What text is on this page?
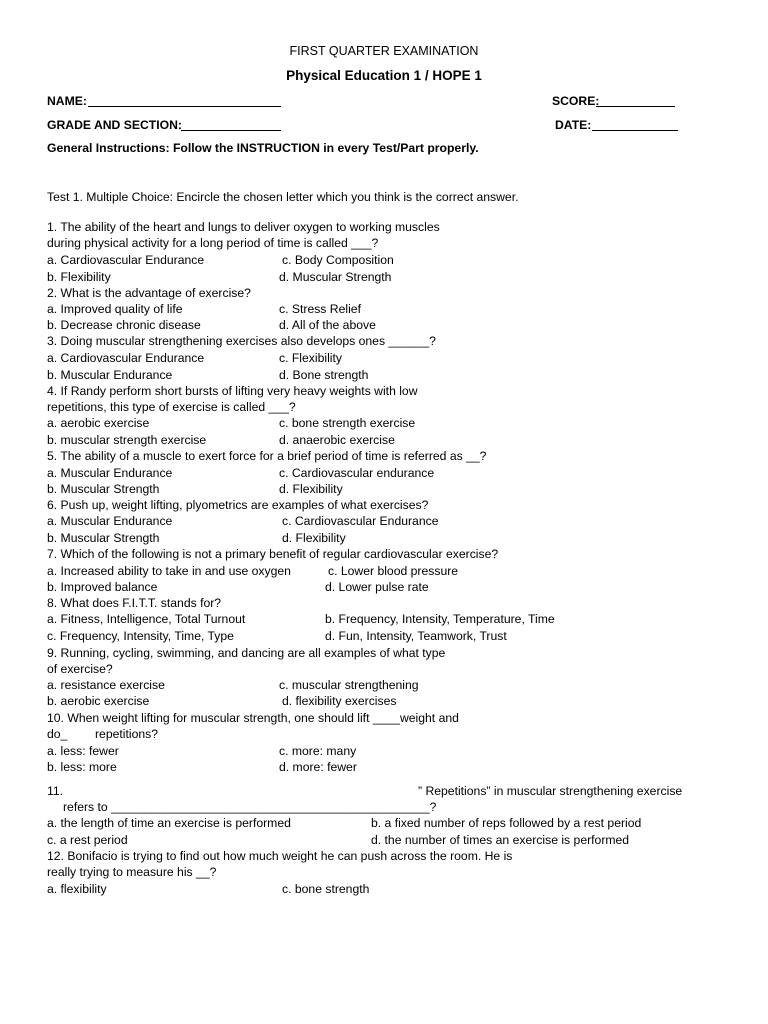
FIRST QUARTER EXAMINATION
Physical Education 1 / HOPE 1
NAME:	SCORE:
GRADE AND SECTION:	DATE:
General Instructions: Follow the INSTRUCTION in every Test/Part properly.
Test 1. Multiple Choice: Encircle the chosen letter which you think is the correct answer.
1. The ability of the heart and lungs to deliver oxygen to working muscles
during physical activity for a long period of time is called ___?
a. Cardiovascular Endurance	c. Body Composition
b. Flexibility	d. Muscular Strength
2. What is the advantage of exercise?
a. Improved quality of life	c. Stress Relief
b. Decrease chronic disease	d. All of the above
3. Doing muscular strengthening exercises also develops ones ______?
a. Cardiovascular Endurance	c. Flexibility
b. Muscular Endurance	d. Bone strength
4. If Randy perform short bursts of lifting very heavy weights with low
repetitions, this type of exercise is called ___?
a. aerobic exercise	c. bone strength exercise
b. muscular strength exercise	d. anaerobic exercise
5. The ability of a muscle to exert force for a brief period of time is referred as __?
a. Muscular Endurance	c. Cardiovascular endurance
b. Muscular Strength	d. Flexibility
6. Push up, weight lifting, plyometrics are examples of what exercises?
a. Muscular Endurance	c. Cardiovascular Endurance
b. Muscular Strength	d. Flexibility
7. Which of the following is not a primary benefit of regular cardiovascular exercise?
a. Increased ability to take in and use oxygen	c. Lower blood pressure
b. Improved balance	d. Lower pulse rate
8. What does F.I.T.T. stands for?
a. Fitness, Intelligence, Total Turnout	b. Frequency, Intensity, Temperature, Time
c. Frequency, Intensity, Time, Type	d. Fun, Intensity, Teamwork, Trust
9. Running, cycling, swimming, and dancing are all examples of what type
of exercise?
a. resistance exercise	c. muscular strengthening
b. aerobic exercise	d. flexibility exercises
10. When weight lifting for muscular strength, one should lift ____weight and
do_ repetitions?
a. less: fewer	c. more: many
b. less: more	d. more: fewer
11.	” Repetitions” in muscular strengthening exercise
refers to _______________________________________________?
a. the length of time an exercise is performed	b. a fixed number of reps followed by a rest period
c. a rest period	d. the number of times an exercise is performed
12. Bonifacio is trying to find out how much weight he can push across the room. He is
really trying to measure his __?
a. flexibility	c. bone strength
